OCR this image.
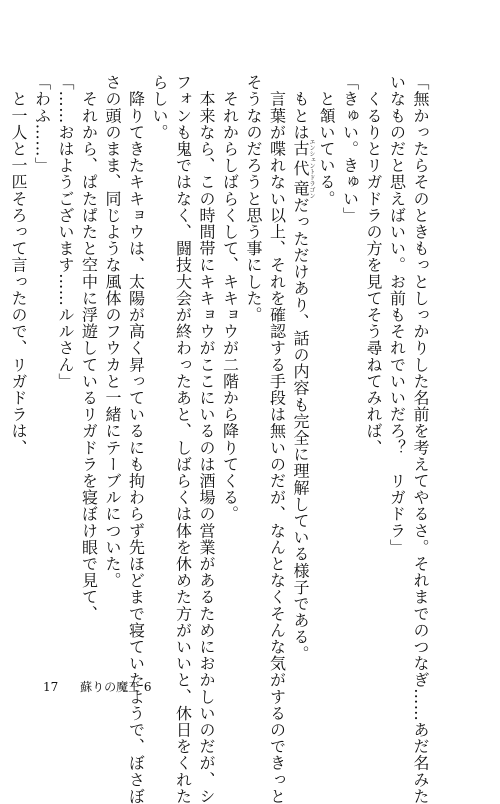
「無かったらそのときもっとしっかりした名前を考えてやるさ。それまでのつなぎ……あだ名みた
いなものだと思えばいい。お前もそれでいいだろ？　リガドラ」
　くるりとリガドラの方を見てそう尋ねてみれば、
「きゅい。きゅい」
　と頷いている。
　もとは古代竜エンシェントドラゴンだっただけあり、話の内容も完全に理解している様子である。
　言葉が喋れない以上、それを確認する手段は無いのだが、なんとなくそんな気がするのできっと
そうなのだろうと思う事にした。
　それからしばらくして、キキョウが二階から降りてくる。
　本来なら、この時間帯にキキョウがここにいるのは酒場の営業があるためにおかしいのだが、シ
フォンも鬼ではなく、闘技大会が終わったあと、しばらくは体を休めた方がいいと、休日をくれた
らしい。
　降りてきたキキョウは、太陽が高く昇っているにも拘わらず先ほどまで寝ていたようで、ぼさぼ
さの頭のまま、同じような風体のフウカと一緒にテーブルについた。
　それから、ぱたぱたと空中に浮遊しているリガドラを寝ぼけ眼で見て、
「……おはようございます……ルルさん」
「わふ……」
　と一人と一匹そろって言ったので、リガドラは、
17 蘇りの魔王 6
